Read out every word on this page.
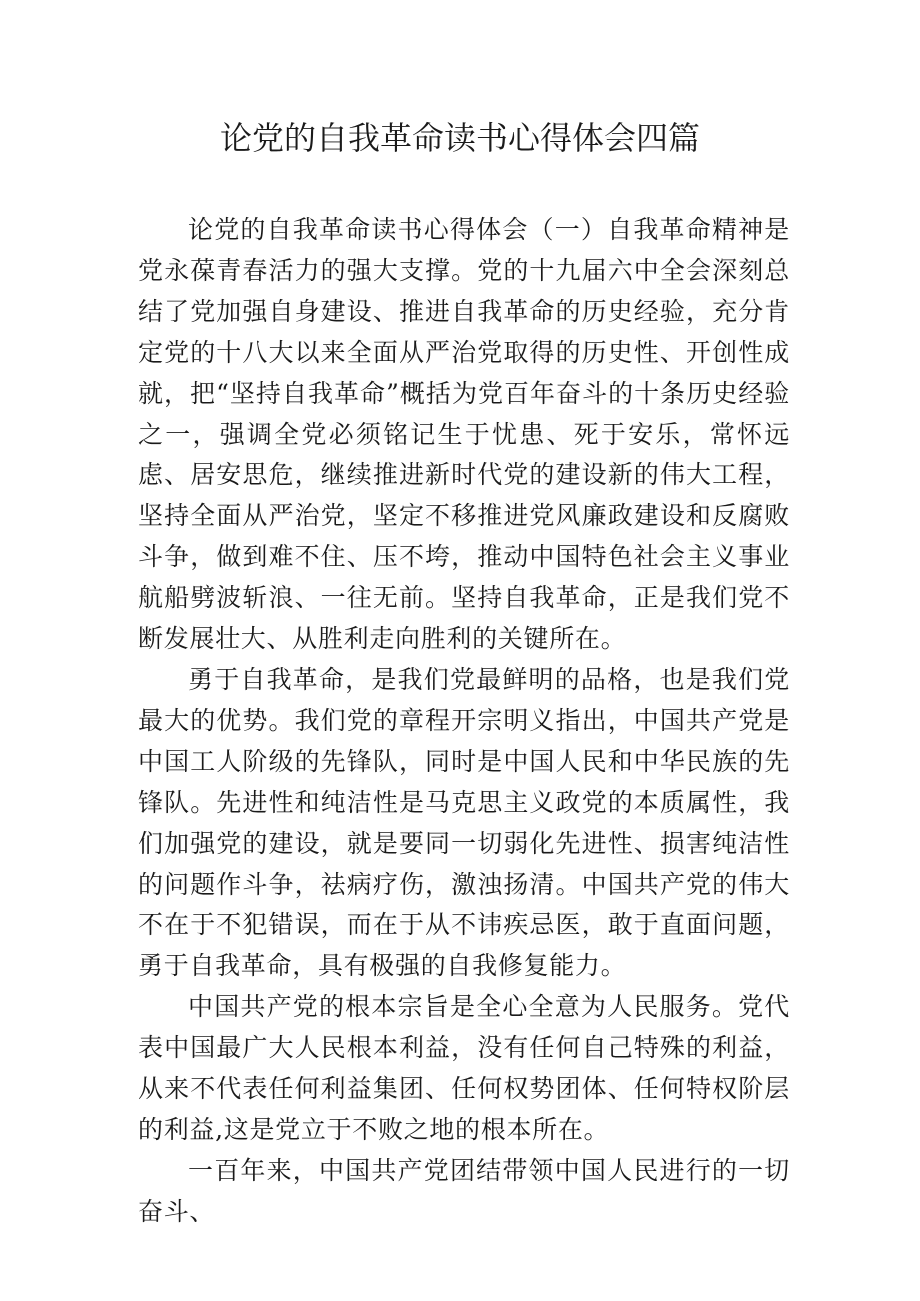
论党的自我革命读书心得体会四篇

论党的自我革命读书心得体会（一）自我革命精神是党永葆青春活力的强大支撑。党的十九届六中全会深刻总结了党加强自身建设、推进自我革命的历史经验，充分肯定党的十八大以来全面从严治党取得的历史性、开创性成就，把“坚持自我革命”概括为党百年奋斗的十条历史经验之一，强调全党必须铭记生于忧患、死于安乐，常怀远虑、居安思危，继续推进新时代党的建设新的伟大工程，坚持全面从严治党，坚定不移推进党风廉政建设和反腐败斗争，做到难不住、压不垮，推动中国特色社会主义事业航船劈波斩浪、一往无前。坚持自我革命，正是我们党不断发展壮大、从胜利走向胜利的关键所在。

勇于自我革命，是我们党最鲜明的品格，也是我们党最大的优势。我们党的章程开宗明义指出，中国共产党是中国工人阶级的先锋队，同时是中国人民和中华民族的先锋队。先进性和纯洁性是马克思主义政党的本质属性，我们加强党的建设，就是要同一切弱化先进性、损害纯洁性的问题作斗争，祛病疗伤，激浊扬清。中国共产党的伟大不在于不犯错误，而在于从不讳疾忌医，敢于直面问题，勇于自我革命，具有极强的自我修复能力。

中国共产党的根本宗旨是全心全意为人民服务。党代表中国最广大人民根本利益，没有任何自己特殊的利益，从来不代表任何利益集团、任何权势团体、任何特权阶层的利益,这是党立于不败之地的根本所在。

一百年来，中国共产党团结带领中国人民进行的一切奋斗、
